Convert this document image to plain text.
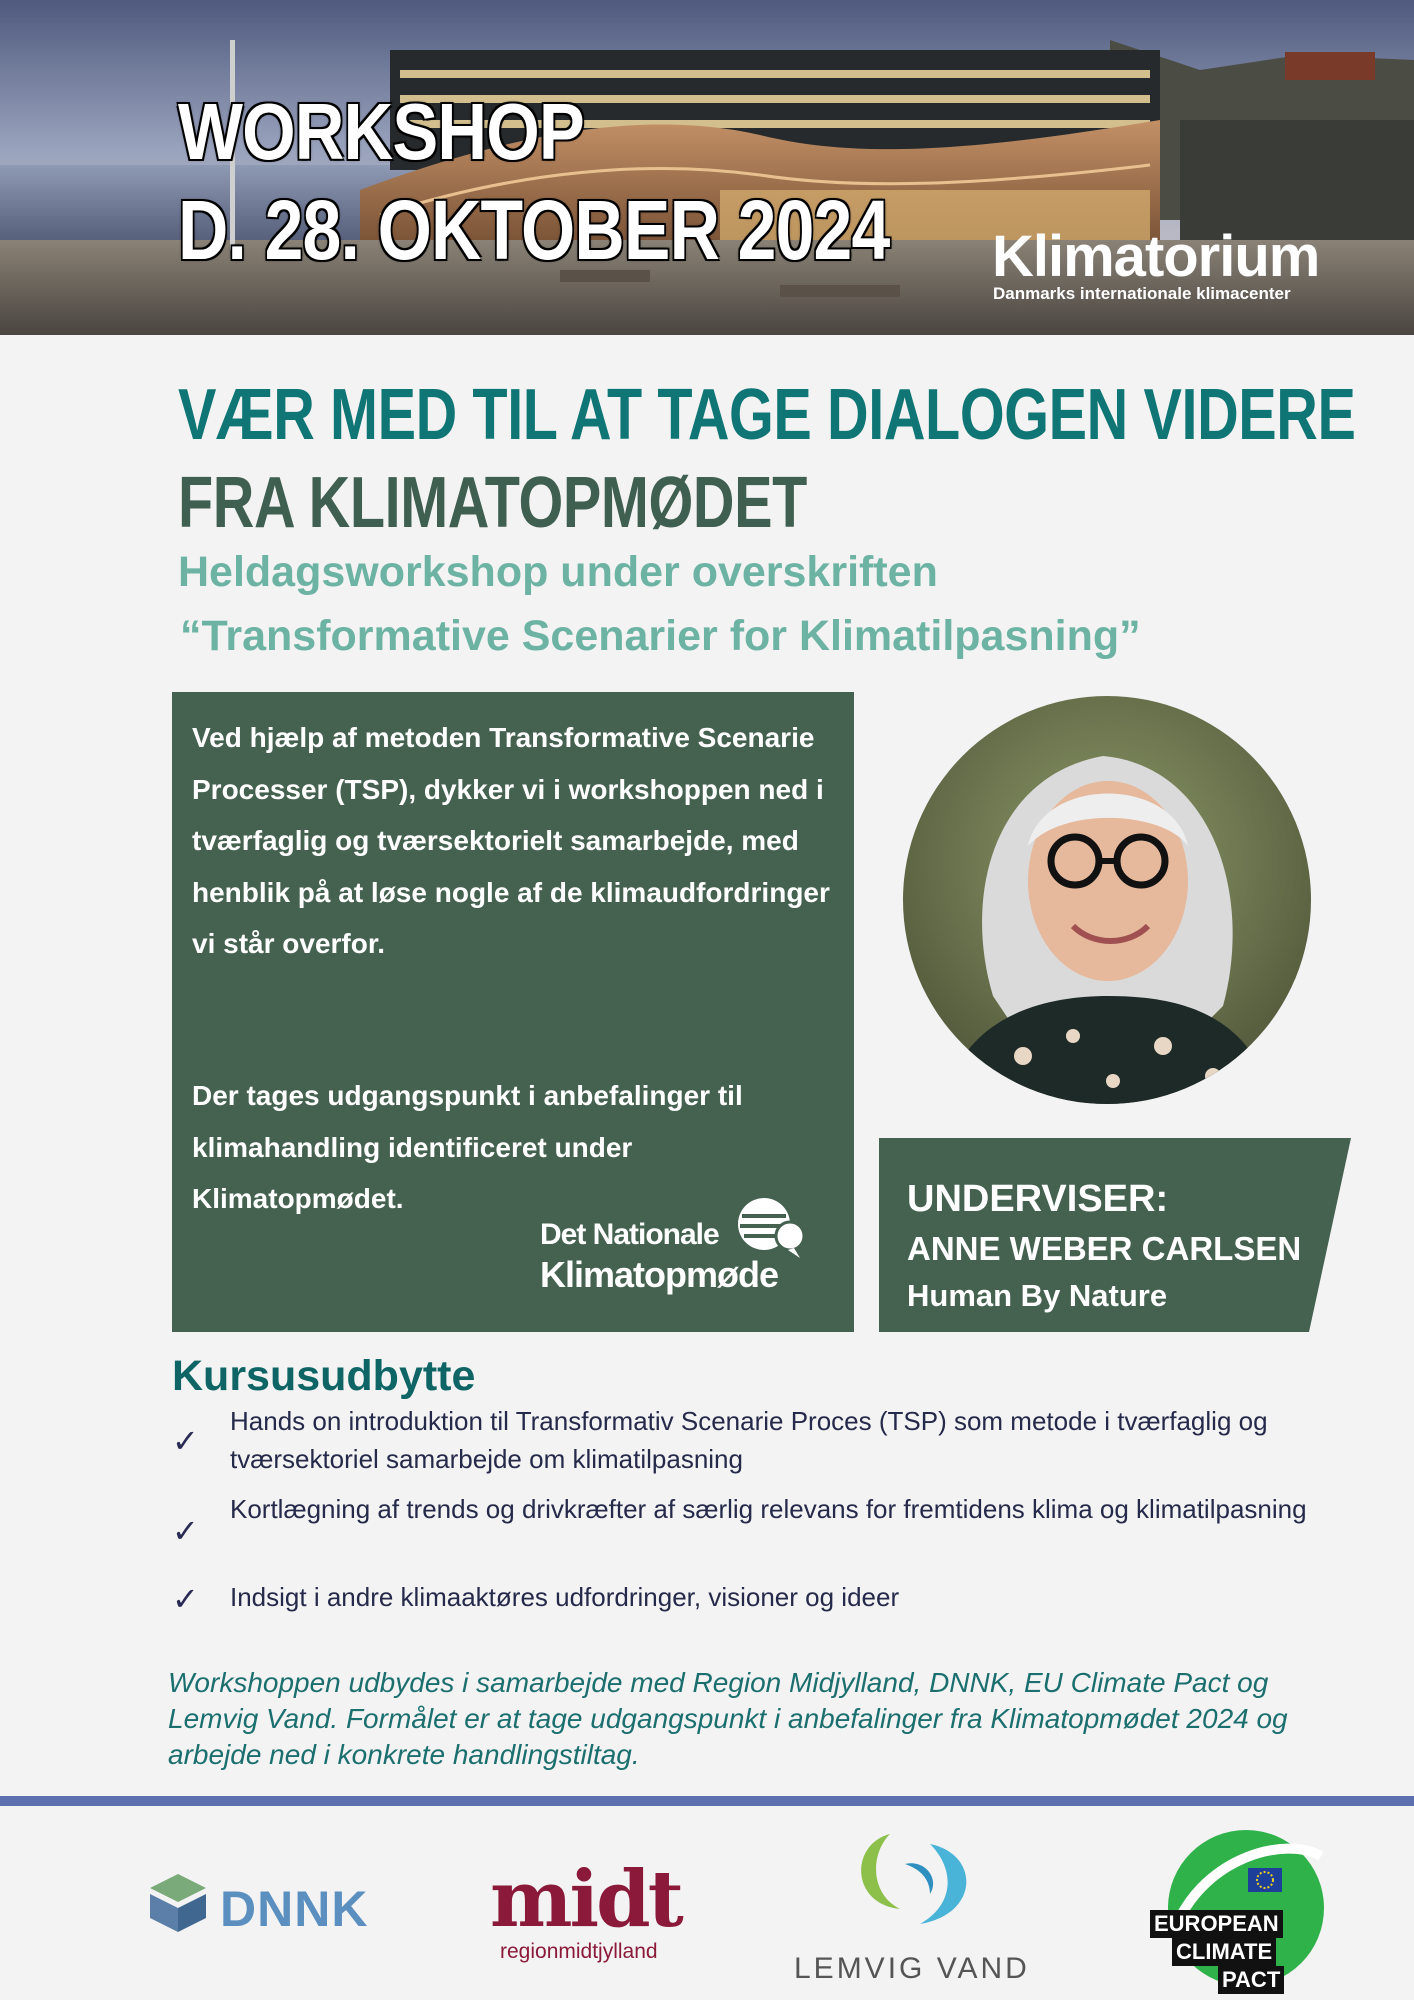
WORKSHOP
D. 28. OKTOBER 2024 Klimatorium
Danmarks internationale klimacenter
VÆR MED TIL AT TAGE DIALOGEN VIDERE
FRA KLIMATOPMØDET
Heldagsworkshop under overskriften
“Transformative Scenarier for Klimatilpasning”

Ved hjælp af metoden Transformative Scenarie Processer (TSP), dykker vi i workshoppen ned i tværfaglig og tværsektorielt samarbejde, med henblik på at løse nogle af de klimaudfordringer vi står overfor.

Der tages udgangspunkt i anbefalinger til klimahandling identificeret under Klimatopmødet.

Det Nationale
Klimatopmøde
UNDERVISER:
ANNE WEBER CARLSEN
Human By Nature
Kursusudbytte
✓

Hands on introduktion til Transformativ Scenarie Proces (TSP) som metode i tværfaglig og tværsektoriel samarbejde om klimatilpasning

✓

Kortlægning af trends og drivkræfter af særlig relevans for fremtidens klima og klimatilpasning

✓ Indsigt i andre klimaaktøres udfordringer, visioner og ideer

Workshoppen udbydes i samarbejde med Region Midjylland, DNNK, EU Climate Pact og Lemvig Vand. Formålet er at tage udgangspunkt i anbefalinger fra Klimatopmødet 2024 og arbejde ned i konkrete handlingstiltag.

DNNK midt
regionmidtjylland
LEMVIG VAND
EUROPEAN
CLIMATE
PACT
